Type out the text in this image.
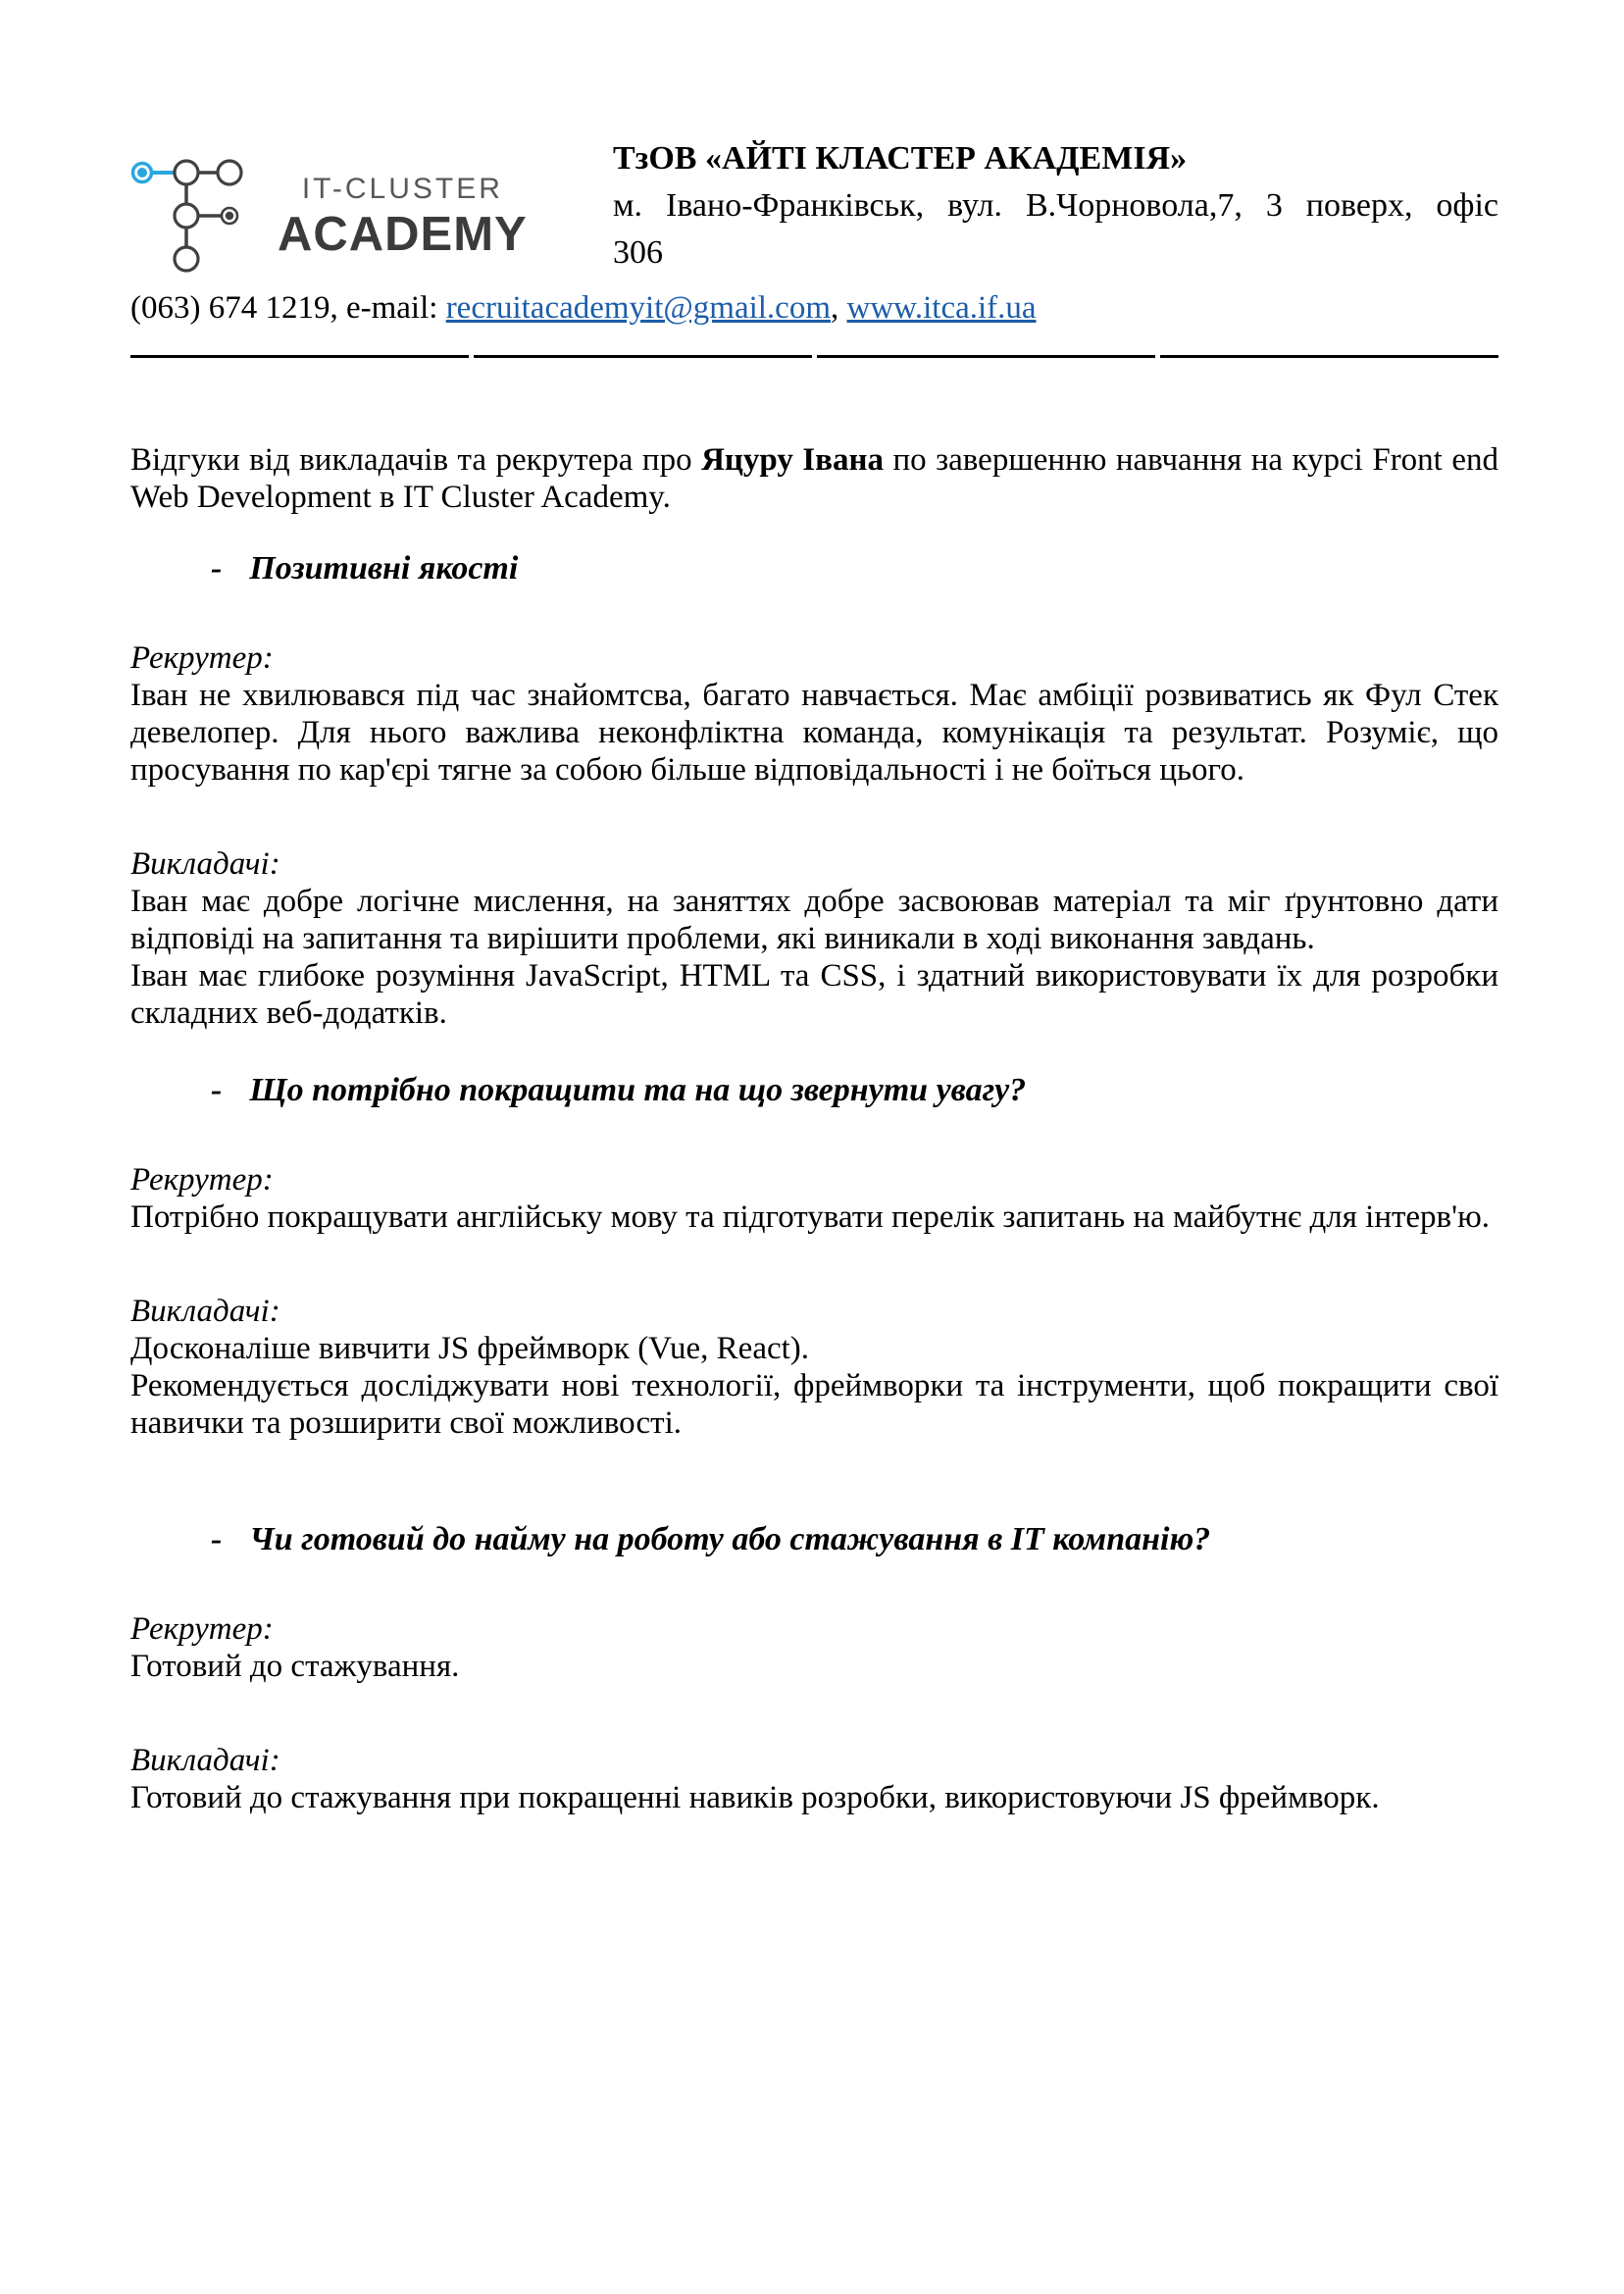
IT-CLUSTER
ACADEMY
ТзОВ «АЙТІ КЛАСТЕР АКАДЕМІЯ»
м. Івано-Франківськ, вул. В.Чорновола,7, 3 поверх, офіс
306
(063) 674 1219, e-mail: recruitacademyit@gmail.com, www.itca.if.ua

Відгуки від викладачів та рекрутера про Яцуру Івана по завершенню навчання на курсі Front end Web Development в IT Cluster Academy.

- Позитивні якості

Рекрутер:

Іван не хвилювався під час знайомтсва, багато навчається. Має амбіції розвиватись як Фул Стек девелопер. Для нього важлива неконфліктна команда, комунікація та результат. Розуміє, що просування по кар'єрі тягне за собою більше відповідальності і не боїться цього.

Викладачі:

Іван має добре логічне мислення, на заняттях добре засвоював матеріал та міг ґрунтовно дати відповіді на запитання та вирішити проблеми, які виникали в ході виконання завдань.

Іван має глибоке розуміння JavaScript, HTML та CSS, і здатний використовувати їх для розробки складних веб-додатків.

- Що потрібно покращити та на що звернути увагу?

Рекрутер:

Потрібно покращувати англійську мову та підготувати перелік запитань на майбутнє для інтерв'ю.

Викладачі:

Досконаліше вивчити JS фреймворк (Vue, React).

Рекомендується досліджувати нові технології, фреймворки та інструменти, щоб покращити свої навички та розширити свої можливості.

- Чи готовий до найму на роботу або стажування в ІТ компанію?

Рекрутер:

Готовий до стажування.

Викладачі:

Готовий до стажування при покращенні навиків розробки, використовуючи JS фреймворк.
